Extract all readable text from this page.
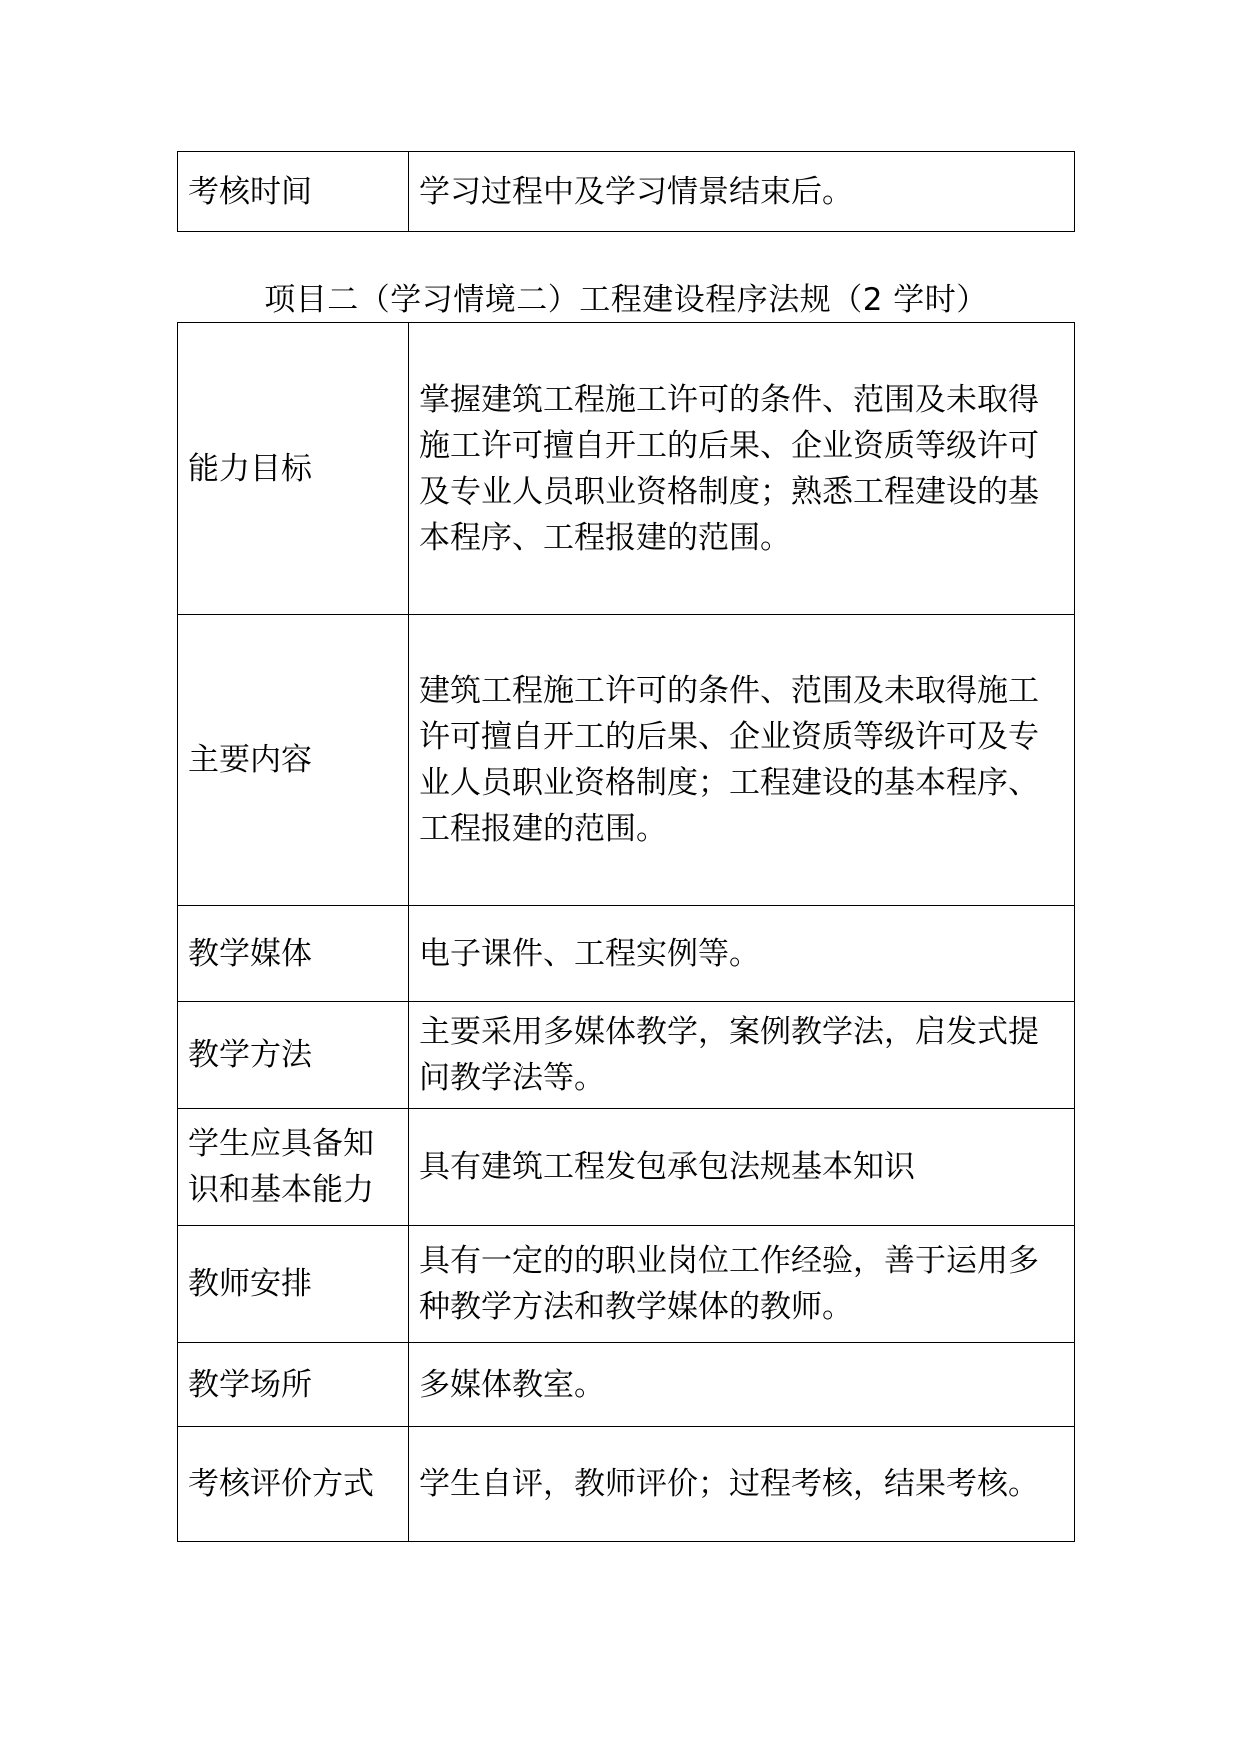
考核时间	学习过程中及学习情景结束后。
项目二（学习情境二）工程建设程序法规（2 学时）
能力目标	掌握建筑工程施工许可的条件、范围及未取得施工许可擅自开工的后果、企业资质等级许可及专业人员职业资格制度；熟悉工程建设的基本程序、工程报建的范围。
主要内容	建筑工程施工许可的条件、范围及未取得施工许可擅自开工的后果、企业资质等级许可及专业人员职业资格制度；工程建设的基本程序、工程报建的范围。
教学媒体	电子课件、工程实例等。
教学方法	主要采用多媒体教学，案例教学法，启发式提问教学法等。
学生应具备知识和基本能力	具有建筑工程发包承包法规基本知识
教师安排	具有一定的的职业岗位工作经验，善于运用多种教学方法和教学媒体的教师。
教学场所	多媒体教室。
考核评价方式	学生自评，教师评价；过程考核，结果考核。
